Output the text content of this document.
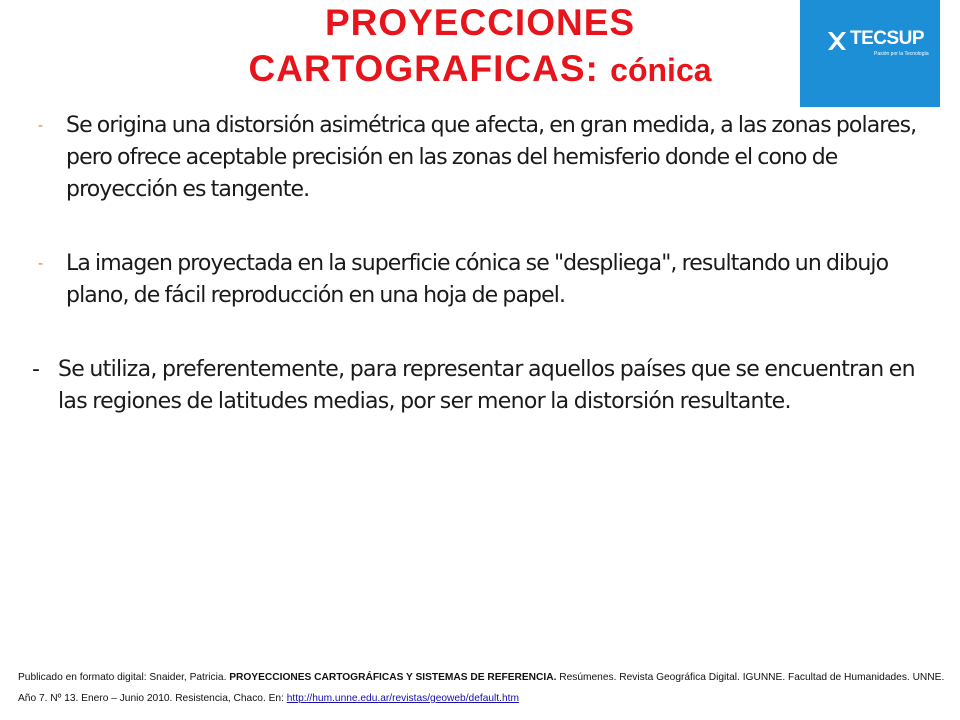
PROYECCIONES
CARTOGRAFICAS: cónica
TECSUP
Pasión por la Tecnología
- Se origina una distorsión asimétrica que afecta, en gran medida, a las zonas polares, pero ofrece aceptable precisión en las zonas del hemisferio donde el cono de proyección es tangente.
- La imagen proyectada en la superficie cónica se "despliega", resultando un dibujo plano, de fácil reproducción en una hoja de papel.
- Se utiliza, preferentemente, para representar aquellos países que se encuentran en las regiones de latitudes medias, por ser menor la distorsión resultante.
Publicado en formato digital: Snaider, Patricia. PROYECCIONES CARTOGRÁFICAS Y SISTEMAS DE REFERENCIA. Resúmenes. Revista Geográfica Digital. IGUNNE. Facultad de Humanidades. UNNE. Año 7. Nº 13. Enero – Junio 2010. Resistencia, Chaco. En: http://hum.unne.edu.ar/revistas/geoweb/default.htm
